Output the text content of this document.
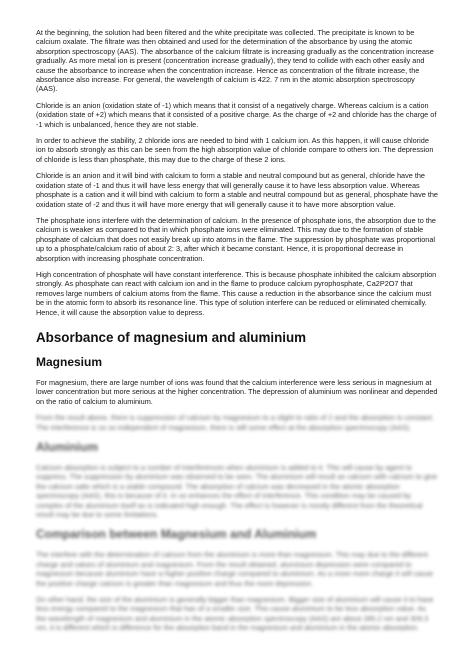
At the beginning, the solution had been filtered and the white precipitate was collected. The precipitate is known to be calcium oxalate. The filtrate was then obtained and used for the determination of the absorbance by using the atomic absorption spectroscopy (AAS). The absorbance of the calcium filtrate is increasing gradually as the concentration increase gradually. As more metal ion is present (concentration increase gradually), they tend to collide with each other easily and cause the absorbance to increase when the concentration increase. Hence as concentration of the filtrate increase, the absorbance also increase. For general, the wavelength of calcium is 422. 7 nm in the atomic absorption spectroscopy (AAS).

Chloride is an anion (oxidation state of -1) which means that it consist of a negatively charge. Whereas calcium is a cation (oxidation state of +2) which means that it consisted of a positive charge. As the charge of +2 and chloride has the charge of -1 which is unbalanced, hence they are not stable.

In order to achieve the stability, 2 chloride ions are needed to bind with 1 calcium ion. As this happen, it will cause chloride ion to absorb strongly as this can be seen from the high absorption value of chloride compare to others ion. The depression of chloride is less than phosphate, this may due to the charge of these 2 ions.

Chloride is an anion and it will bind with calcium to form a stable and neutral compound but as general, chloride have the oxidation state of -1 and thus it will have less energy that will generally cause it to have less absorption value. Whereas phosphate is a cation and it will bind with calcium to form a stable and neutral compound but as general, phosphate have the oxidation state of -2 and thus it will have more energy that will generally cause it to have more absorption value.

The phosphate ions interfere with the determination of calcium. In the presence of phosphate ions, the absorption due to the calcium is weaker as compared to that in which phosphate ions were eliminated. This may due to the formation of stable phosphate of calcium that does not easily break up into atoms in the flame. The suppression by phosphate was proportional up to a phosphate/calcium ratio of about 2: 3, after which it became constant. Hence, it is proportional decrease in absorption with increasing phosphate concentration.

High concentration of phosphate will have constant interference. This is because phosphate inhibited the calcium absorption strongly. As phosphate can react with calcium ion and in the flame to produce calcium pyrophosphate, Ca2P2O7 that removes large numbers of calcium atoms from the flame. This cause a reduction in the absorbance since the calcium must be in the atomic form to absorb its resonance line. This type of solution interfere can be reduced or eliminated chemically. Hence, it will cause the absorption value to depress.

Absorbance of magnesium and aluminium
Magnesium

For magnesium, there are large number of ions was found that the calcium interference were less serious in magnesium at lower concentration but more serious at the higher concentration. The depression of aluminium was nonlinear and depended on the ratio of calcium to aluminium.

From the result above, there is suppression of calcium by magnesium to a slight to ratio of 2 and the absorption is constant. The interference is so so independent of magnesium, there is still some effect at the absorption spectroscopy (AAS).

Aluminium

Calcium absorption is subject to a number of interferences when aluminium is added to it. This will cause by agent to suppress. The suppression by aluminium was observed to be seen. The aluminium will result as calcium with calcium to give the calcium salts which is a stable compound. The absorption of calcium was decreased in the atomic absorption spectroscopy (AAS), this is because of it. In so enhances the effect of interference. This condition may be caused by complex of the aluminium itself as is indicated high enough. The effect is however is mostly different from the theoretical result may be due to some limitations.

Comparison between Magnesium and Aluminium

The interfere with the determination of calcium from the aluminium is more than magnesium. This may due to the different charge and values of aluminium and magnesium. From the result obtained, aluminium depression were compared to magnesium because aluminium have a higher positive charge compared to aluminium. As a more more charge it will cause the positive charge calcium is greater than magnesium and thus the more depression.

On other hand, the size of the aluminium is generally bigger than magnesium. Bigger size of aluminium will cause it to have less energy compared to the magnesium that has of a smaller size. This cause aluminium to be less absorption value. As the wavelength of magnesium and aluminium in the atomic absorption spectroscopy (AAS) are about 285.2 nm and 309.3 nm, it is different which is difference for the absorption band in the magnesium and aluminium in the atomic absorption.
